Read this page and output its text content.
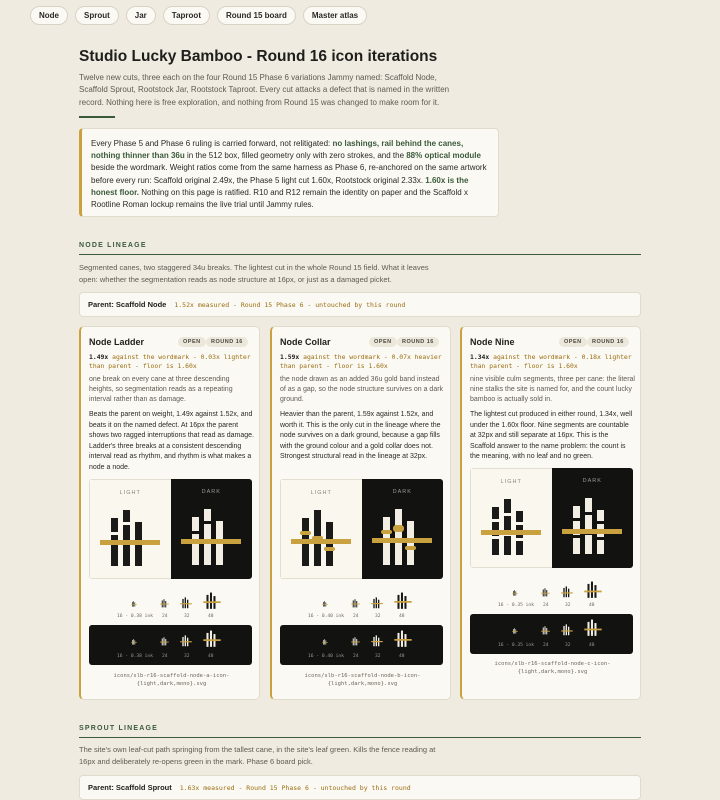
Node	Sprout	Jar	Taproot	Round 15 board	Master atlas
Studio Lucky Bamboo - Round 16 icon iterations
Twelve new cuts, three each on the four Round 15 Phase 6 variations Jammy named: Scaffold Node, Scaffold Sprout, Rootstock Jar, Rootstock Taproot. Every cut attacks a defect that is named in the written record. Nothing here is free exploration, and nothing from Round 15 was changed to make room for it.
Every Phase 5 and Phase 6 ruling is carried forward, not relitigated: no lashings, rail behind the canes, nothing thinner than 36u in the 512 box, filled geometry only with zero strokes, and the 88% optical module beside the wordmark. Weight ratios come from the same harness as Phase 6, re-anchored on the same artwork before every run: Scaffold original 2.49x, the Phase 5 light cut 1.60x, Rootstock original 2.33x. 1.60x is the honest floor. Nothing on this page is ratified. R10 and R12 remain the identity on paper and the Scaffold x Rootline Roman lockup remains the live trial until Jammy rules.
NODE LINEAGE
Segmented canes, two staggered 34u breaks. The lightest cut in the whole Round 15 field. What it leaves open: whether the segmentation reads as node structure at 16px, or just as a damaged picket.
Parent: Scaffold Node 1.52x measured - Round 15 Phase 6 - untouched by this round
Node Ladder	OPEN	ROUND 16
1.49x against the wordmark - 0.03x lighter than parent - floor is 1.60x
one break on every cane at three descending heights, so segmentation reads as a repeating interval rather than as damage.
Beats the parent on weight, 1.49x against 1.52x, and beats it on the named defect. At 16px the parent shows two ragged interruptions that read as damage. Ladder's three breaks at a consistent descending interval read as rhythm, and rhythm is what makes a node a node.
LIGHT	DARK
16 - 0.38 ink 24	32	48
16 - 0.38 ink 24	32	48
icons/slb-r16-scaffold-node-a-icon-{light,dark,mono}.svg
Node Collar	OPEN	ROUND 16
1.59x against the wordmark - 0.07x heavier than parent - floor is 1.60x
the node drawn as an added 36u gold band instead of as a gap, so the node structure survives on a dark ground.
Heavier than the parent, 1.59x against 1.52x, and worth it. This is the only cut in the lineage where the node survives on a dark ground, because a gap fills with the ground colour and a gold collar does not. Strongest structural read in the lineage at 32px.
LIGHT	DARK
16 - 0.40 ink 24	32	48
16 - 0.40 ink 24	32	48
icons/slb-r16-scaffold-node-b-icon-{light,dark,mono}.svg
Node Nine	OPEN	ROUND 16
1.34x against the wordmark - 0.18x lighter than parent - floor is 1.60x
nine visible culm segments, three per cane: the literal nine stalks the site is named for, and the count lucky bamboo is actually sold in.
The lightest cut produced in either round, 1.34x, well under the 1.60x floor. Nine segments are countable at 32px and still separate at 16px. This is the Scaffold answer to the name problem: the count is the meaning, with no leaf and no green.
LIGHT	DARK
16 - 0.35 ink 24	32	48
16 - 0.35 ink 24	32	48
icons/slb-r16-scaffold-node-c-icon-{light,dark,mono}.svg
SPROUT LINEAGE
The site's own leaf-cut path springing from the tallest cane, in the site's leaf green. Kills the fence reading at 16px and deliberately re-opens green in the mark. Phase 6 board pick.
Parent: Scaffold Sprout 1.63x measured - Round 15 Phase 6 - untouched by this round
